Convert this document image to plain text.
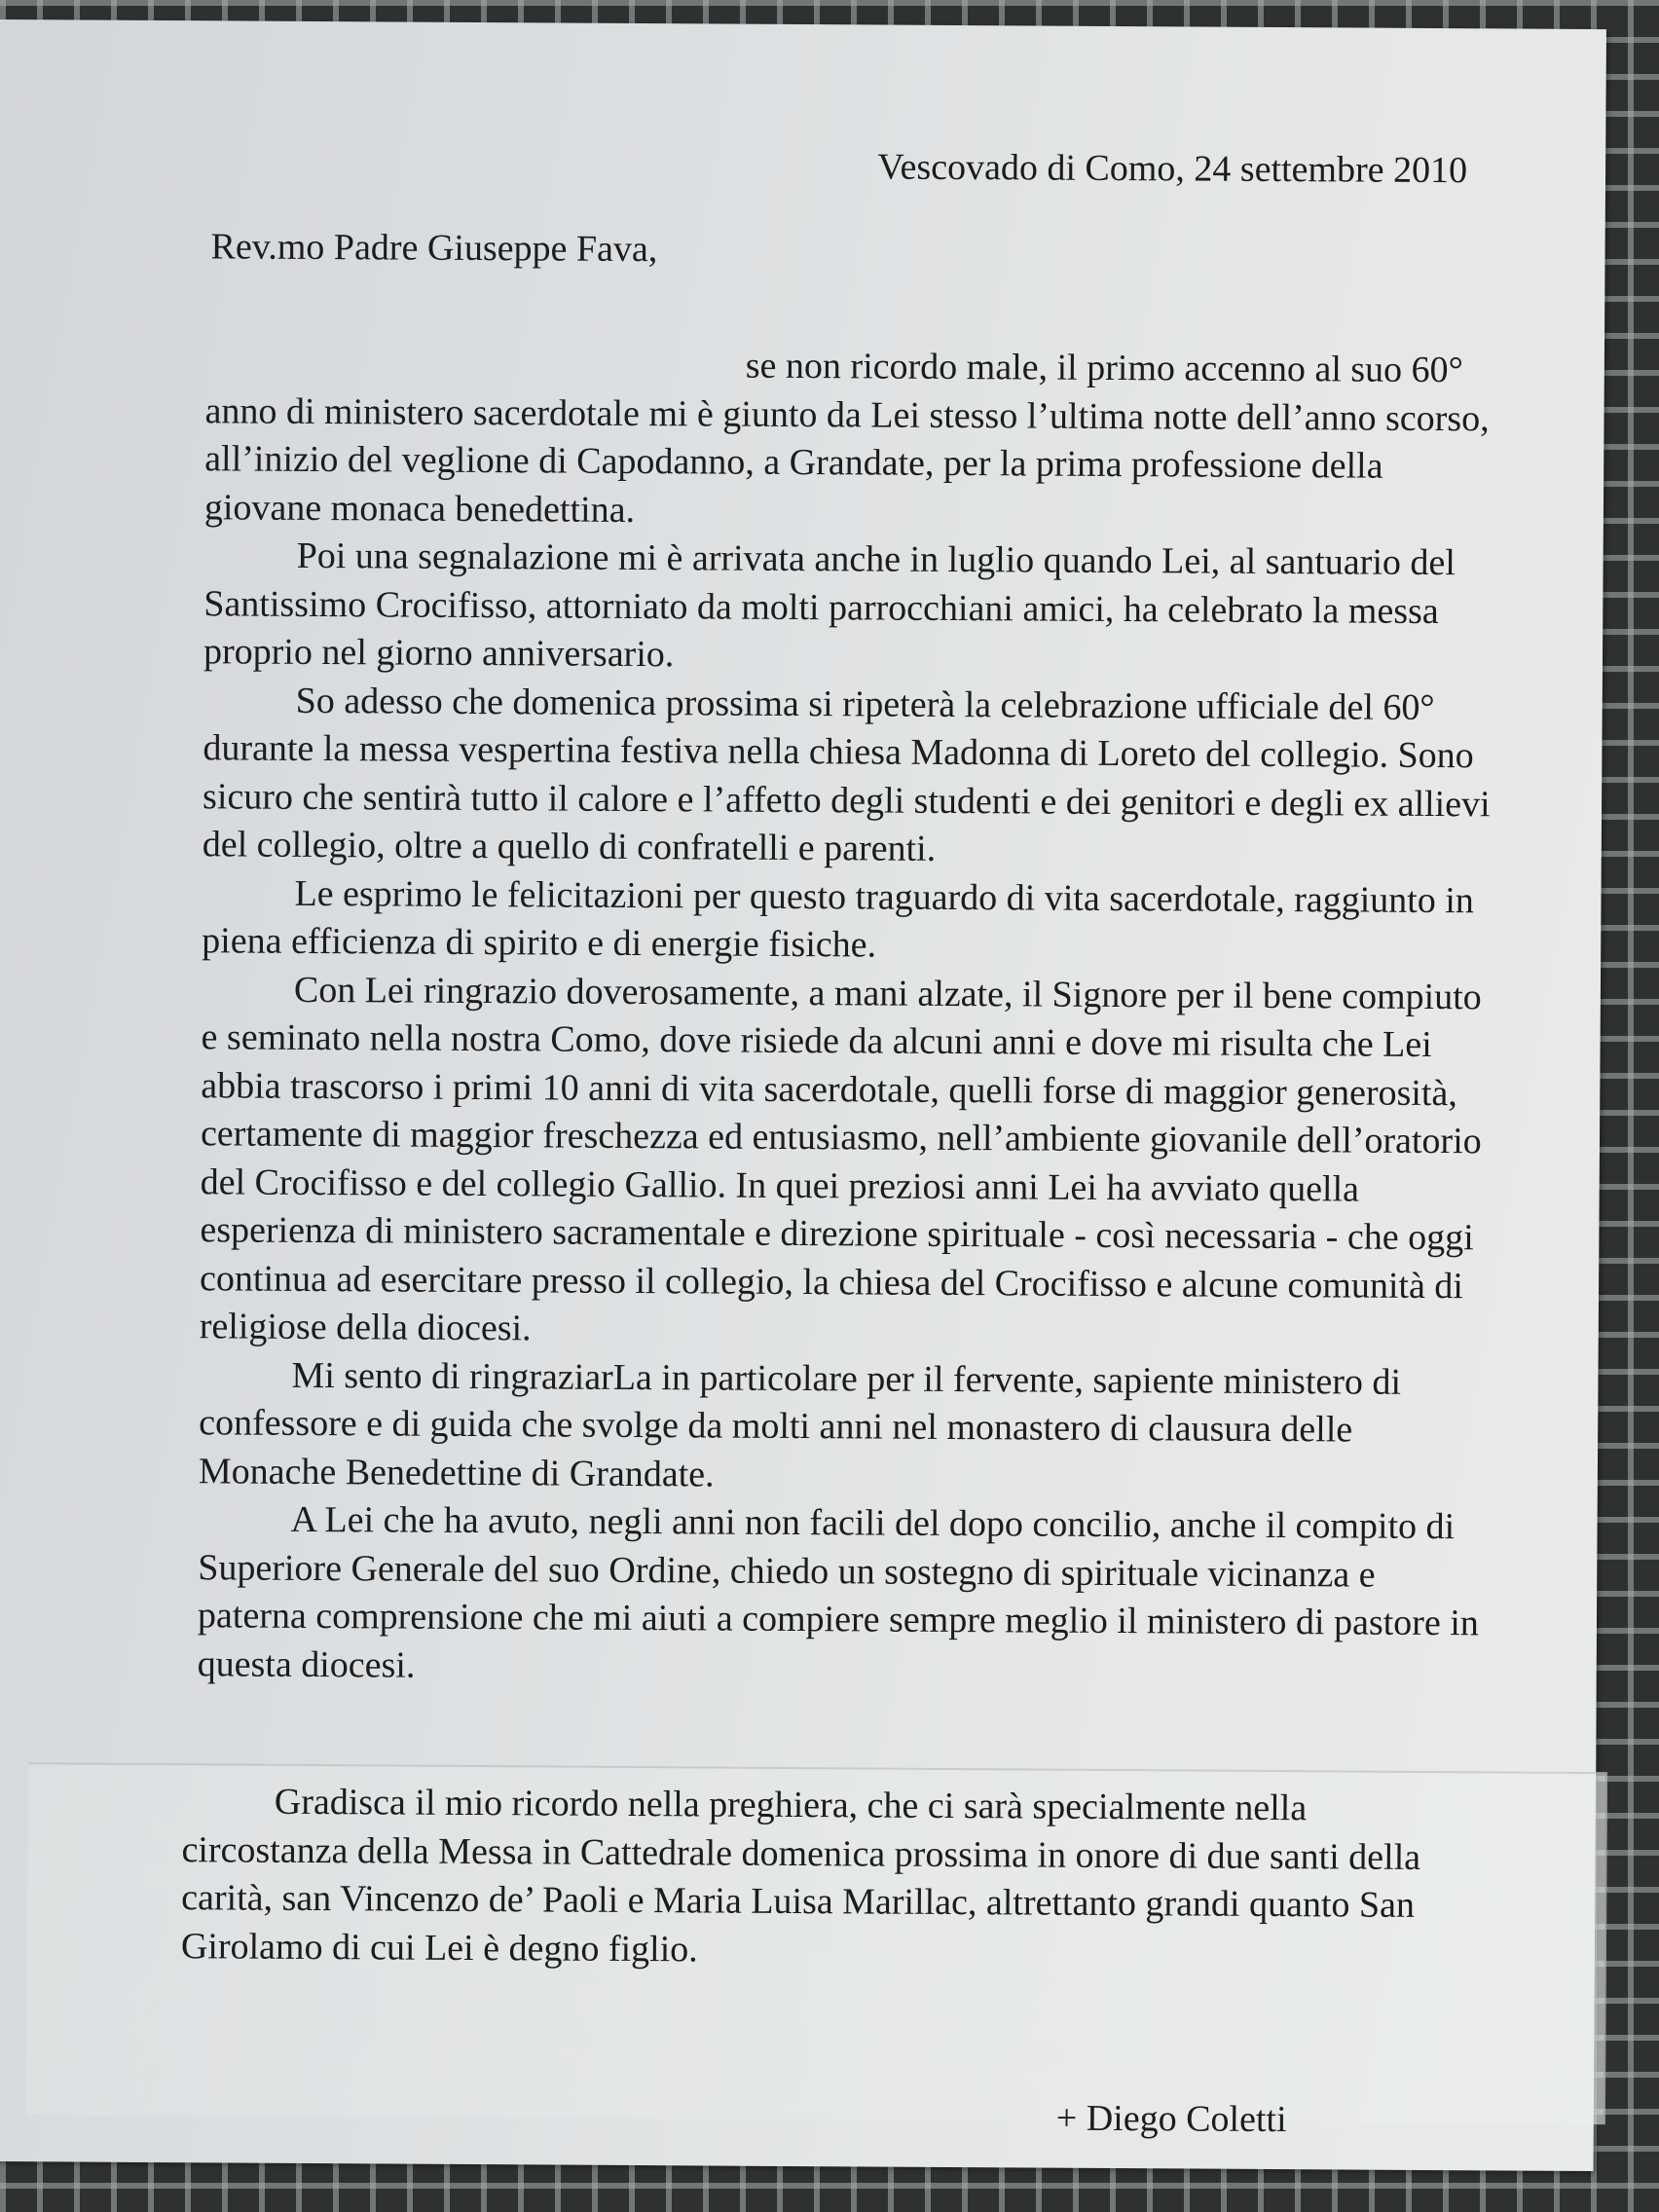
Vescovado di Como, 24 settembre 2010
Rev.mo Padre Giuseppe Fava,

se non ricordo male, il primo accenno al suo 60° anno di ministero sacerdotale mi è giunto da Lei stesso l’ultima notte dell’anno scorso, all’inizio del veglione di Capodanno, a Grandate, per la prima professione della giovane monaca benedettina.

Poi una segnalazione mi è arrivata anche in luglio quando Lei, al santuario del Santissimo Crocifisso, attorniato da molti parrocchiani amici, ha celebrato la messa proprio nel giorno anniversario.

So adesso che domenica prossima si ripeterà la celebrazione ufficiale del 60° durante la messa vespertina festiva nella chiesa Madonna di Loreto del collegio. Sono sicuro che sentirà tutto il calore e l’affetto degli studenti e dei genitori e degli ex allievi del collegio, oltre a quello di confratelli e parenti.

Le esprimo le felicitazioni per questo traguardo di vita sacerdotale, raggiunto in piena efficienza di spirito e di energie fisiche.

Con Lei ringrazio doverosamente, a mani alzate, il Signore per il bene compiuto e seminato nella nostra Como, dove risiede da alcuni anni e dove mi risulta che Lei abbia trascorso i primi 10 anni di vita sacerdotale, quelli forse di maggior generosità, certamente di maggior freschezza ed entusiasmo, nell’ambiente giovanile dell’oratorio del Crocifisso e del collegio Gallio. In quei preziosi anni Lei ha avviato quella esperienza di ministero sacramentale e direzione spirituale - così necessaria - che oggi continua ad esercitare presso il collegio, la chiesa del Crocifisso e alcune comunità di religiose della diocesi.

Mi sento di ringraziarLa in particolare per il fervente, sapiente ministero di confessore e di guida che svolge da molti anni nel monastero di clausura delle Monache Benedettine di Grandate.

A Lei che ha avuto, negli anni non facili del dopo concilio, anche il compito di Superiore Generale del suo Ordine, chiedo un sostegno di spirituale vicinanza e paterna comprensione che mi aiuti a compiere sempre meglio il ministero di pastore in questa diocesi.

Gradisca il mio ricordo nella preghiera, che ci sarà specialmente nella circostanza della Messa in Cattedrale domenica prossima in onore di due santi della carità, san Vincenzo de’ Paoli e Maria Luisa Marillac, altrettanto grandi quanto San Girolamo di cui Lei è degno figlio.

+ Diego Coletti
